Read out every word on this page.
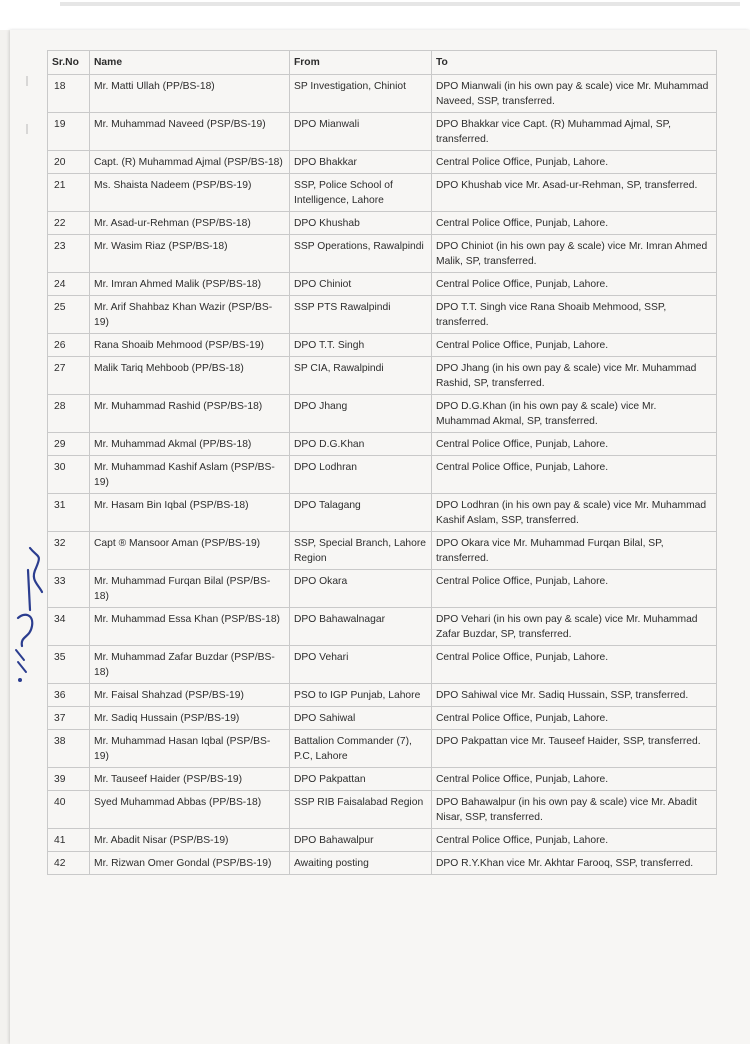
Sr.No	Name	From	To
18	Mr. Matti Ullah (PP/BS-18)	SP Investigation, Chiniot	DPO Mianwali (in his own pay & scale) vice Mr. Muhammad Naveed, SSP, transferred.
19	Mr. Muhammad Naveed (PSP/BS-19)	DPO Mianwali	DPO Bhakkar vice Capt. (R) Muhammad Ajmal, SP, transferred.
20	Capt. (R) Muhammad Ajmal (PSP/BS-18)	DPO Bhakkar	Central Police Office, Punjab, Lahore.
21	Ms. Shaista Nadeem (PSP/BS-19)	SSP, Police School of Intelligence, Lahore	DPO Khushab vice Mr. Asad-ur-Rehman, SP, transferred.
22	Mr. Asad-ur-Rehman (PSP/BS-18)	DPO Khushab	Central Police Office, Punjab, Lahore.
23	Mr. Wasim Riaz (PSP/BS-18)	SSP Operations, Rawalpindi	DPO Chiniot (in his own pay & scale) vice Mr. Imran Ahmed Malik, SP, transferred.
24	Mr. Imran Ahmed Malik (PSP/BS-18)	DPO Chiniot	Central Police Office, Punjab, Lahore.
25	Mr. Arif Shahbaz Khan Wazir (PSP/BS-19)	SSP PTS Rawalpindi	DPO T.T. Singh vice Rana Shoaib Mehmood, SSP, transferred.
26	Rana Shoaib Mehmood (PSP/BS-19)	DPO T.T. Singh	Central Police Office, Punjab, Lahore.
27	Malik Tariq Mehboob (PP/BS-18)	SP CIA, Rawalpindi	DPO Jhang (in his own pay & scale) vice Mr. Muhammad Rashid, SP, transferred.
28	Mr. Muhammad Rashid (PSP/BS-18)	DPO Jhang	DPO D.G.Khan (in his own pay & scale) vice Mr. Muhammad Akmal, SP, transferred.
29	Mr. Muhammad Akmal (PP/BS-18)	DPO D.G.Khan	Central Police Office, Punjab, Lahore.
30	Mr. Muhammad Kashif Aslam (PSP/BS-19)	DPO Lodhran	Central Police Office, Punjab, Lahore.
31	Mr. Hasam Bin Iqbal (PSP/BS-18)	DPO Talagang	DPO Lodhran (in his own pay & scale) vice Mr. Muhammad Kashif Aslam, SSP, transferred.
32	Capt ® Mansoor Aman (PSP/BS-19)	SSP, Special Branch, Lahore Region	DPO Okara vice Mr. Muhammad Furqan Bilal, SP, transferred.
33	Mr. Muhammad Furqan Bilal (PSP/BS-18)	DPO Okara	Central Police Office, Punjab, Lahore.
34	Mr. Muhammad Essa Khan (PSP/BS-18)	DPO Bahawalnagar	DPO Vehari (in his own pay & scale) vice Mr. Muhammad Zafar Buzdar, SP, transferred.
35	Mr. Muhammad Zafar Buzdar (PSP/BS-18)	DPO Vehari	Central Police Office, Punjab, Lahore.
36	Mr. Faisal Shahzad (PSP/BS-19)	PSO to IGP Punjab, Lahore	DPO Sahiwal vice Mr. Sadiq Hussain, SSP, transferred.
37	Mr. Sadiq Hussain (PSP/BS-19)	DPO Sahiwal	Central Police Office, Punjab, Lahore.
38	Mr. Muhammad Hasan Iqbal (PSP/BS-19)	Battalion Commander (7), P.C, Lahore	DPO Pakpattan vice Mr. Tauseef Haider, SSP, transferred.
39	Mr. Tauseef Haider (PSP/BS-19)	DPO Pakpattan	Central Police Office, Punjab, Lahore.
40	Syed Muhammad Abbas (PP/BS-18)	SSP RIB Faisalabad Region	DPO Bahawalpur (in his own pay & scale) vice Mr. Abadit Nisar, SSP, transferred.
41	Mr. Abadit Nisar (PSP/BS-19)	DPO Bahawalpur	Central Police Office, Punjab, Lahore.
42	Mr. Rizwan Omer Gondal (PSP/BS-19)	Awaiting posting	DPO R.Y.Khan vice Mr. Akhtar Farooq, SSP, transferred.
